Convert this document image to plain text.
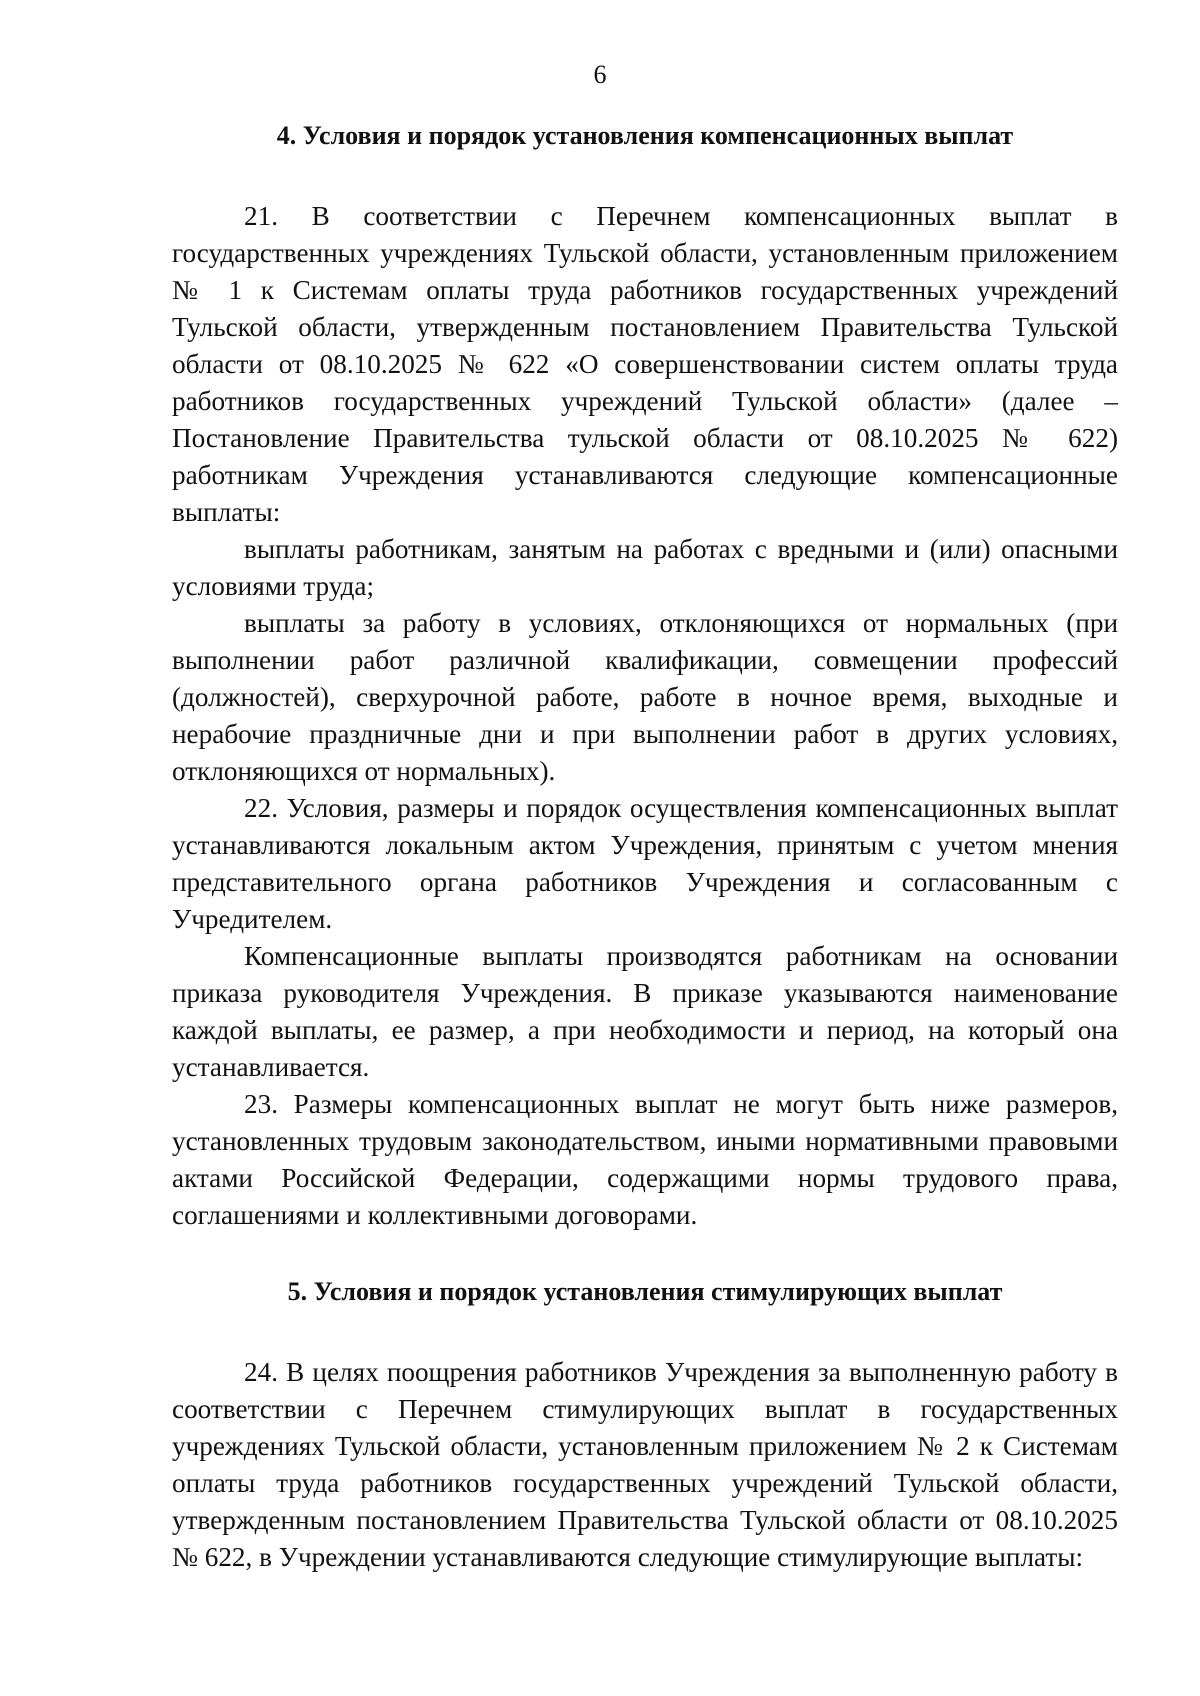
6
4. Условия и порядок установления компенсационных выплат

21. В соответствии с Перечнем компенсационных выплат в государственных учреждениях Тульской области, установленным приложением № 1 к Системам оплаты труда работников государственных учреждений Тульской области, утвержденным постановлением Правительства Тульской области от 08.10.2025 № 622 «О совершенствовании систем оплаты труда работников государственных учреждений Тульской области» (далее – Постановление Правительства тульской области от 08.10.2025 № 622) работникам Учреждения устанавливаются следующие компенсационные выплаты:

выплаты работникам, занятым на работах с вредными и (или) опасными условиями труда;

выплаты за работу в условиях, отклоняющихся от нормальных (при выполнении работ различной квалификации, совмещении профессий (должностей), сверхурочной работе, работе в ночное время, выходные и нерабочие праздничные дни и при выполнении работ в других условиях, отклоняющихся от нормальных).

22. Условия, размеры и порядок осуществления компенсационных выплат устанавливаются локальным актом Учреждения, принятым с учетом мнения представительного органа работников Учреждения и согласованным с Учредителем.

Компенсационные выплаты производятся работникам на основании приказа руководителя Учреждения. В приказе указываются наименование каждой выплаты, ее размер, а при необходимости и период, на который она устанавливается.

23. Размеры компенсационных выплат не могут быть ниже размеров, установленных трудовым законодательством, иными нормативными правовыми актами Российской Федерации, содержащими нормы трудового права, соглашениями и коллективными договорами.

5. Условия и порядок установления стимулирующих выплат

24. В целях поощрения работников Учреждения за выполненную работу в соответствии с Перечнем стимулирующих выплат в государственных учреждениях Тульской области, установленным приложением № 2 к Системам оплаты труда работников государственных учреждений Тульской области, утвержденным постановлением Правительства Тульской области от 08.10.2025 № 622, в Учреждении устанавливаются следующие стимулирующие выплаты:
